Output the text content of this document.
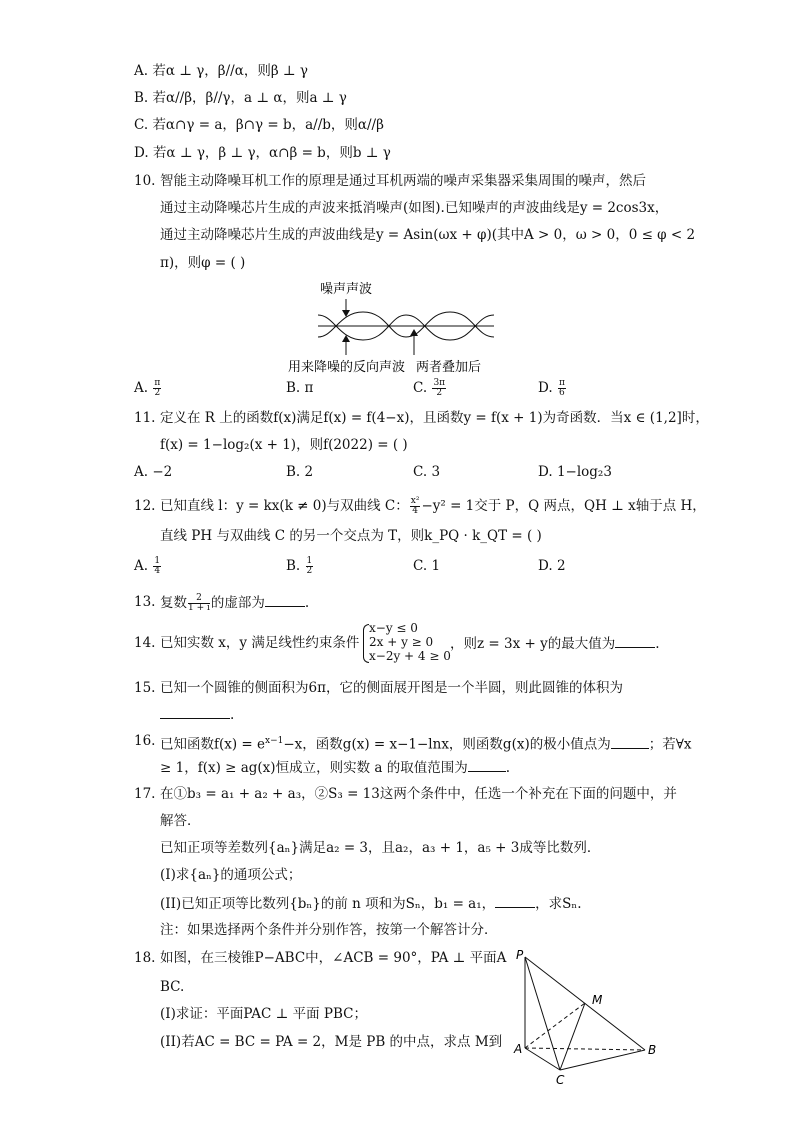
A. 若α ⊥ γ，β//α，则β ⊥ γ
B. 若α//β，β//γ，a ⊥ α，则a ⊥ γ
C. 若α∩γ = a，β∩γ = b，a//b，则α//β
D. 若α ⊥ γ，β ⊥ γ，α∩β = b，则b ⊥ γ
10. 智能主动降噪耳机工作的原理是通过耳机两端的噪声采集器采集周围的噪声，然后
通过主动降噪芯片生成的声波来抵消噪声(如图).已知噪声的声波曲线是y = 2cos3x，
通过主动降噪芯片生成的声波曲线是y = Asin(ωx + φ)(其中A > 0，ω > 0，0 ≤ φ < 2
π)，则φ = ( )
噪声声波
用来降噪的反向声波 两者叠加后
A. $\frac{\pi}{2}$	B. π	C. $\frac{3\pi}{2}$	D. $\frac{\pi}{6}$
11. 定义在 R 上的函数f(x)满足f(x) = f(4−x)，且函数y = f(x + 1)为奇函数．当x ∈ (1,2]时，
f(x) = 1−log₂(x + 1)，则f(2022) = ( )
A. −2	B. 2	C. 3	D. 1−log₂3
12. 已知直线 l：y = kx(k ≠ 0)与双曲线 C： $\frac{\text{x²}}{4} -y^2 = 1$交于 P，Q 两点，QH ⊥ x轴于点 H，
直线 PH 与双曲线 C 的另一个交点为 T，则k_PQ · k_QT = ( )
A. $\frac{1}{4}$	B. $\frac{1}{2}$	C. 1	D. 2
13. 复数 $\frac{2}{1 + i}$ 的虚部为	.
14. 已知实数 x，y 满足线性约束条件
x−y ≤ 0
2x + y ≥ 0
x−2y + 4 ≥ 0
，则z = 3x + y的最大值为	.
15. 已知一个圆锥的侧面积为6π，它的侧面展开图是一个半圆，则此圆锥的体积为
.
16. 已知函数$f(x) = e^{x-1}-x$，函数g(x) = x−1−lnx，则函数g(x)的极小值点为	；若∀x
≥ 1，f(x) ≥ ag(x)恒成立，则实数 a 的取值范围为	.
17. 在①b₃ = a₁ + a₂ + a₃，②S₃ = 13这两个条件中，任选一个补充在下面的问题中，并
解答．
已知正项等差数列{aₙ}满足a₂ = 3，且a₂，a₃ + 1，a₅ + 3成等比数列．
(I)求{aₙ}的通项公式；
(II)已知正项等比数列{bₙ}的前 n 项和为Sₙ，b₁ = a₁，	，求Sₙ.
注：如果选择两个条件并分别作答，按第一个解答计分．
18. 如图，在三棱锥P−ABC中，∠ACB = 90°，PA ⊥ 平面A
BC.
(I)求证：平面PAC ⊥ 平面 PBC；
(II)若AC = BC = PA = 2，M是 PB 的中点，求点 M到
P
M
A	B
C
